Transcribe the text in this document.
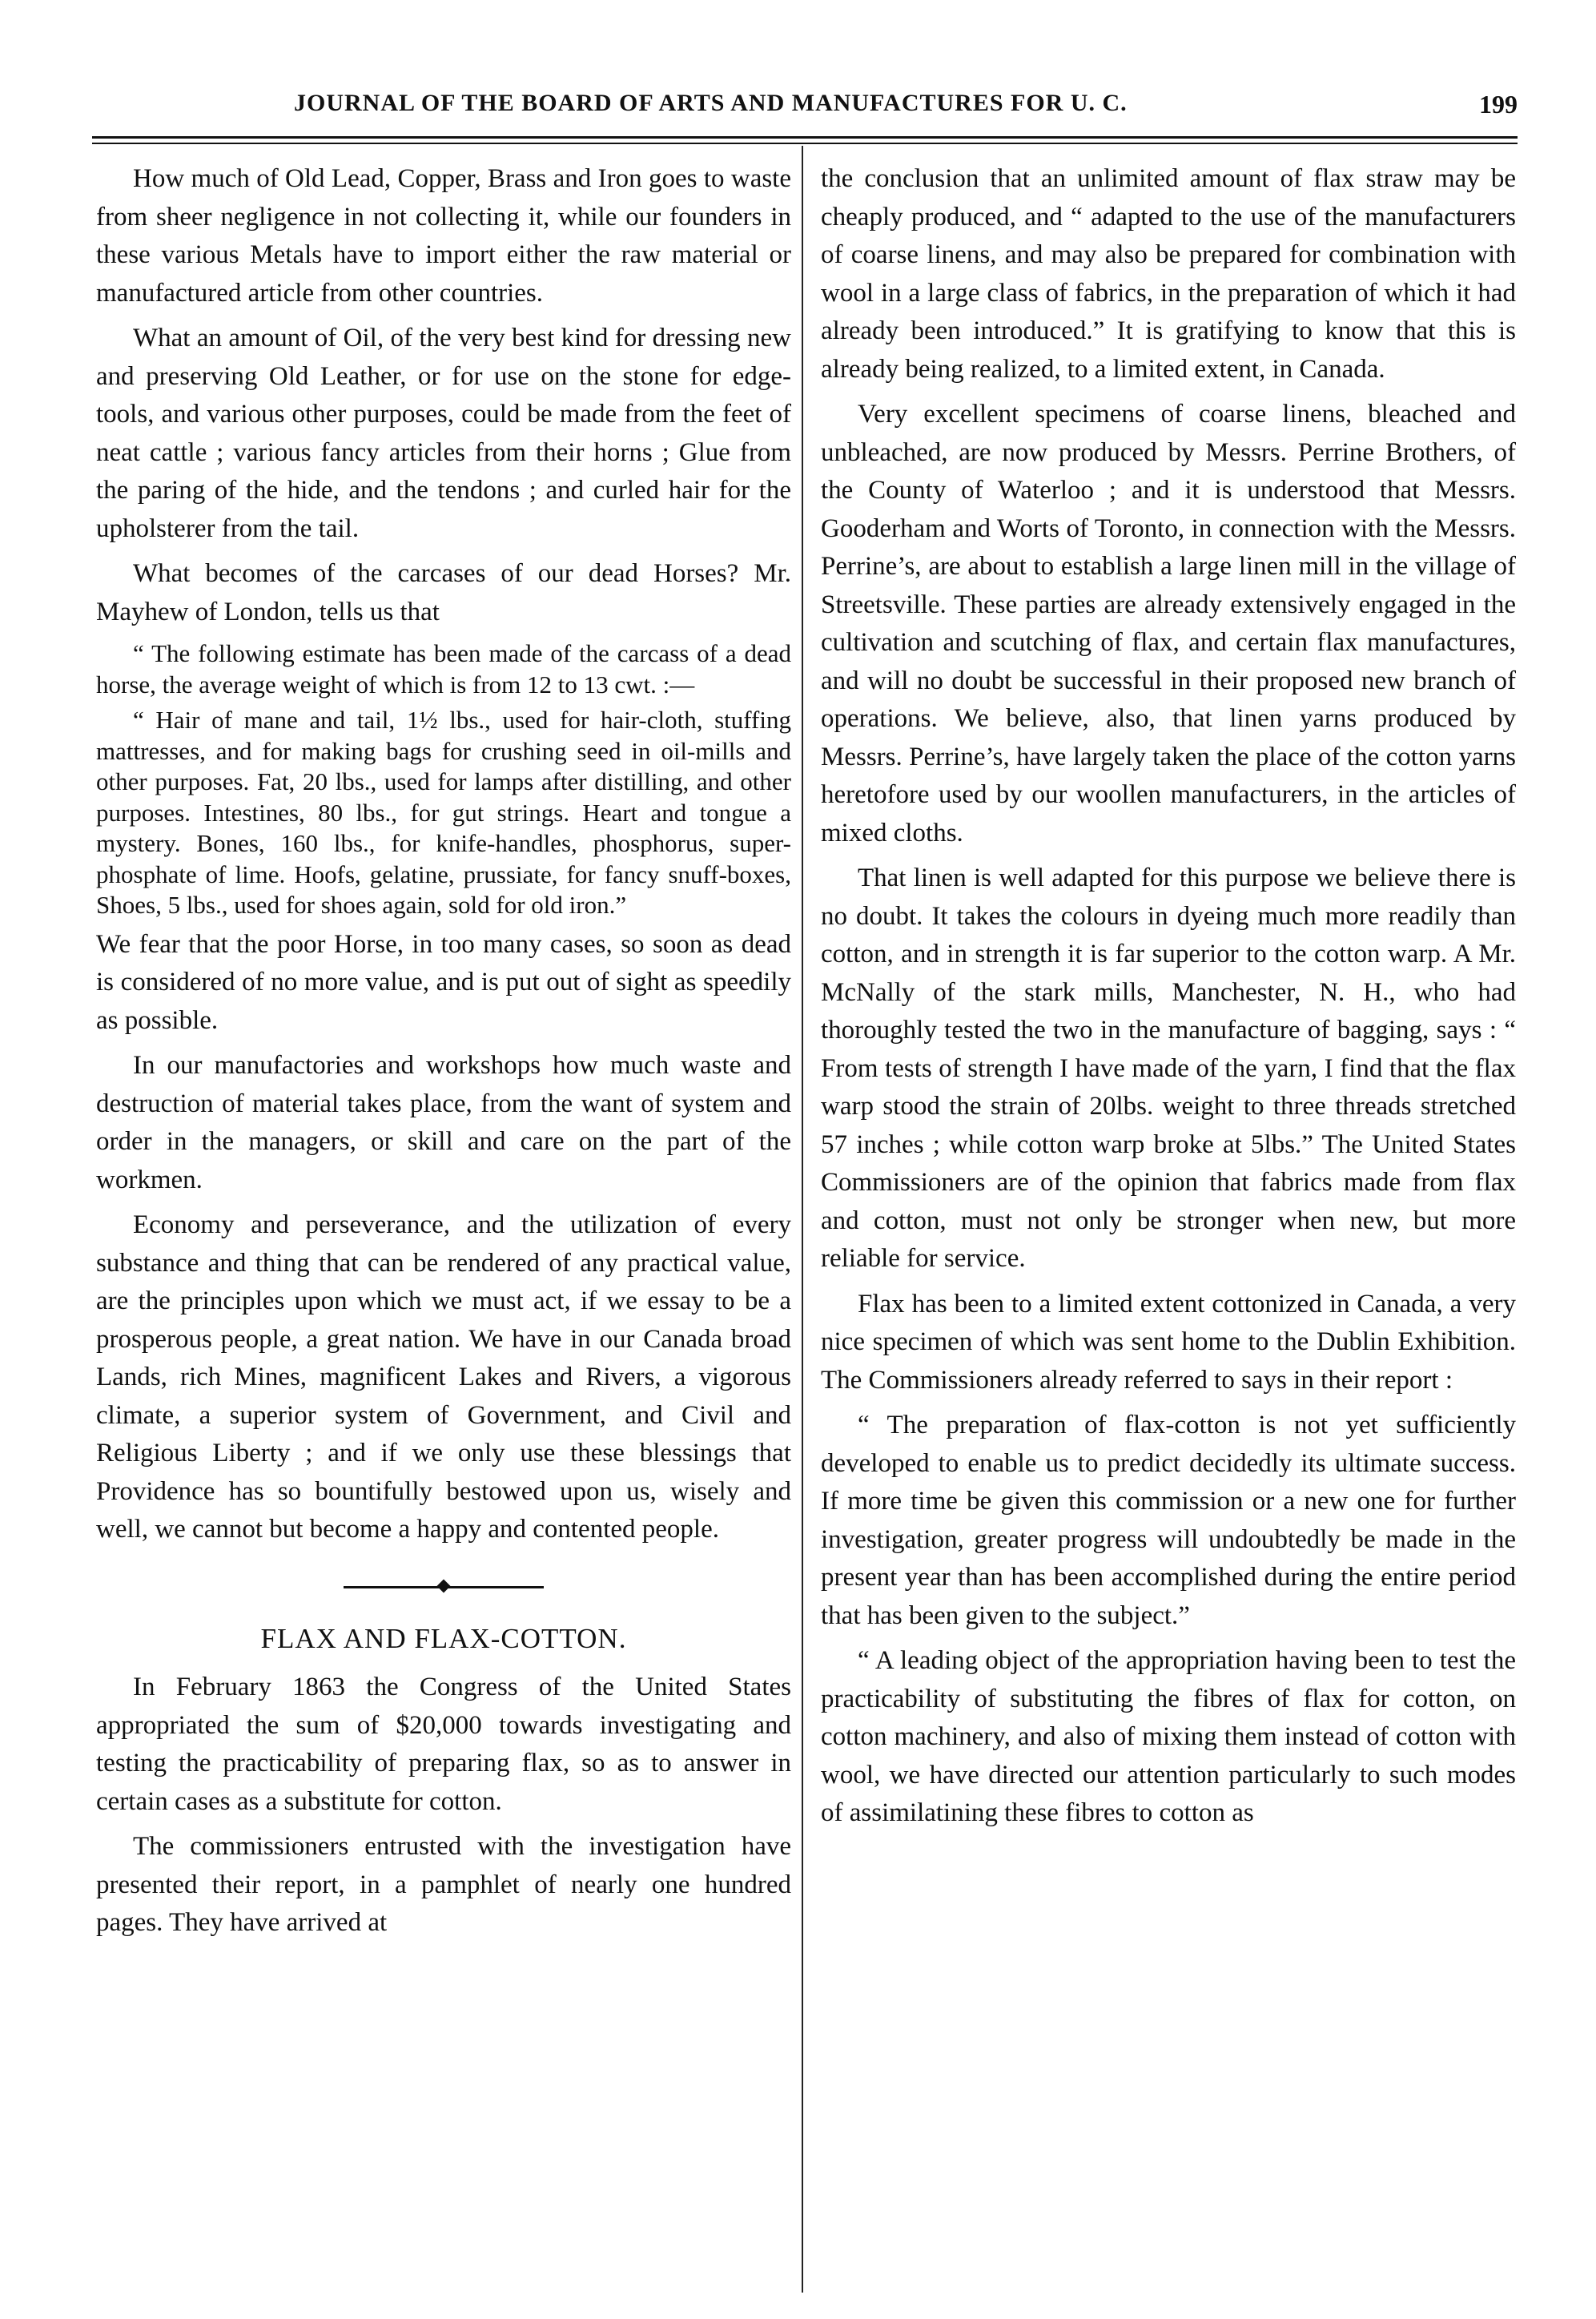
JOURNAL OF THE BOARD OF ARTS AND MANUFACTURES FOR U. C.	199

How much of Old Lead, Copper, Brass and Iron goes to waste from sheer negligence in not collecting it, while our founders in these various Metals have to import either the raw material or manufactured article from other countries.

What an amount of Oil, of the very best kind for dressing new and preserving Old Leather, or for use on the stone for edge-tools, and various other purposes, could be made from the feet of neat cattle ; various fancy articles from their horns ; Glue from the paring of the hide, and the tendons ; and curled hair for the upholsterer from the tail.

What becomes of the carcases of our dead Horses? Mr. Mayhew of London, tells us that

“ The following estimate has been made of the carcass of a dead horse, the average weight of which is from 12 to 13 cwt. :—

“ Hair of mane and tail, 1½ lbs., used for hair-cloth, stuffing mattresses, and for making bags for crushing seed in oil-mills and other purposes. Fat, 20 lbs., used for lamps after distilling, and other purposes. Intestines, 80 lbs., for gut strings. Heart and tongue a mystery. Bones, 160 lbs., for knife-handles, phosphorus, super-phosphate of lime. Hoofs, gelatine, prussiate, for fancy snuff-boxes, Shoes, 5 lbs., used for shoes again, sold for old iron.”

We fear that the poor Horse, in too many cases, so soon as dead is considered of no more value, and is put out of sight as speedily as possible.

In our manufactories and workshops how much waste and destruction of material takes place, from the want of system and order in the managers, or skill and care on the part of the workmen.

Economy and perseverance, and the utilization of every substance and thing that can be rendered of any practical value, are the principles upon which we must act, if we essay to be a prosperous people, a great nation. We have in our Canada broad Lands, rich Mines, magnificent Lakes and Rivers, a vigorous climate, a superior system of Government, and Civil and Religious Liberty ; and if we only use these blessings that Providence has so bountifully bestowed upon us, wisely and well, we cannot but become a happy and contented people.

FLAX AND FLAX-COTTON.

In February 1863 the Congress of the United States appropriated the sum of $20,000 towards investigating and testing the practicability of preparing flax, so as to answer in certain cases as a substitute for cotton.

The commissioners entrusted with the investigation have presented their report, in a pamphlet of nearly one hundred pages. They have arrived at

the conclusion that an unlimited amount of flax straw may be cheaply produced, and “ adapted to the use of the manufacturers of coarse linens, and may also be prepared for combination with wool in a large class of fabrics, in the preparation of which it had already been introduced.” It is gratifying to know that this is already being realized, to a limited extent, in Canada.

Very excellent specimens of coarse linens, bleached and unbleached, are now produced by Messrs. Perrine Brothers, of the County of Waterloo ; and it is understood that Messrs. Gooderham and Worts of Toronto, in connection with the Messrs. Perrine’s, are about to establish a large linen mill in the village of Streetsville. These parties are already extensively engaged in the cultivation and scutching of flax, and certain flax manufactures, and will no doubt be successful in their proposed new branch of operations. We believe, also, that linen yarns produced by Messrs. Perrine’s, have largely taken the place of the cotton yarns heretofore used by our woollen manufacturers, in the articles of mixed cloths.

That linen is well adapted for this purpose we believe there is no doubt. It takes the colours in dyeing much more readily than cotton, and in strength it is far superior to the cotton warp. A Mr. McNally of the stark mills, Manchester, N. H., who had thoroughly tested the two in the manufacture of bagging, says : “ From tests of strength I have made of the yarn, I find that the flax warp stood the strain of 20lbs. weight to three threads stretched 57 inches ; while cotton warp broke at 5lbs.” The United States Commissioners are of the opinion that fabrics made from flax and cotton, must not only be stronger when new, but more reliable for service.

Flax has been to a limited extent cottonized in Canada, a very nice specimen of which was sent home to the Dublin Exhibition. The Commissioners already referred to says in their report :

“ The preparation of flax-cotton is not yet sufficiently developed to enable us to predict decidedly its ultimate success. If more time be given this commission or a new one for further investigation, greater progress will undoubtedly be made in the present year than has been accomplished during the entire period that has been given to the subject.”

“ A leading object of the appropriation having been to test the practicability of substituting the fibres of flax for cotton, on cotton machinery, and also of mixing them instead of cotton with wool, we have directed our attention particularly to such modes of assimilatining these fibres to cotton as
